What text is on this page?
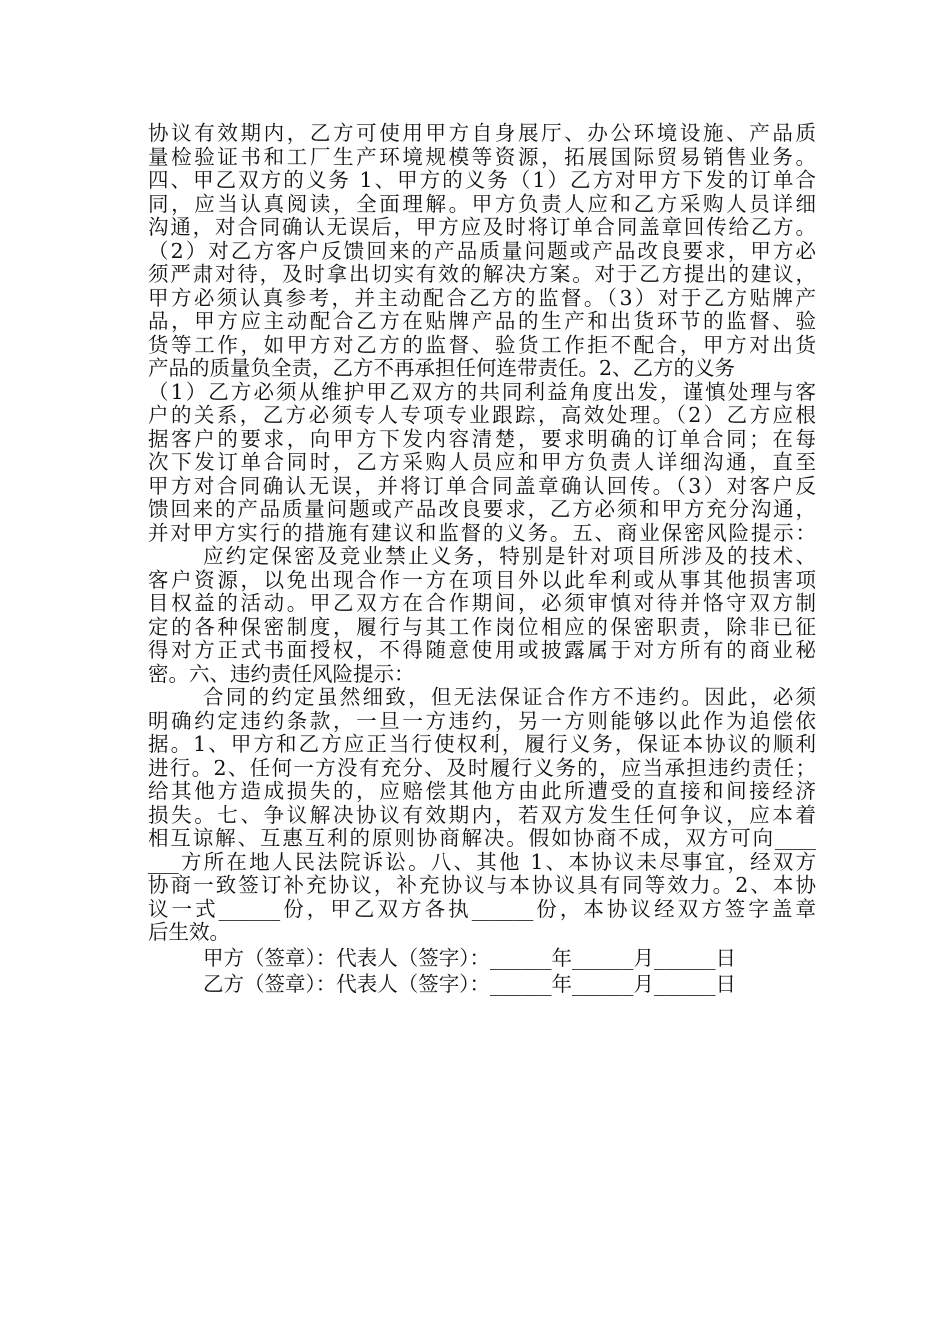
协议有效期内，乙方可使用甲方自身展厅、办公环境设施、产品质
量检验证书和工厂生产环境规模等资源，拓展国际贸易销售业务。
四、甲乙双方的义务 1、甲方的义务（1）乙方对甲方下发的订单合
同，应当认真阅读，全面理解。甲方负责人应和乙方采购人员详细
沟通，对合同确认无误后，甲方应及时将订单合同盖章回传给乙方。
（2）对乙方客户反馈回来的产品质量问题或产品改良要求，甲方必
须严肃对待，及时拿出切实有效的解决方案。对于乙方提出的建议，
甲方必须认真参考，并主动配合乙方的监督。（3）对于乙方贴牌产
品，甲方应主动配合乙方在贴牌产品的生产和出货环节的监督、验
货等工作，如甲方对乙方的监督、验货工作拒不配合，甲方对出货
产品的质量负全责，乙方不再承担任何连带责任。2、乙方的义务
（1）乙方必须从维护甲乙双方的共同利益角度出发，谨慎处理与客
户的关系，乙方必须专人专项专业跟踪，高效处理。（2）乙方应根
据客户的要求，向甲方下发内容清楚，要求明确的订单合同；在每
次下发订单合同时，乙方采购人员应和甲方负责人详细沟通，直至
甲方对合同确认无误，并将订单合同盖章确认回传。（3）对客户反
馈回来的产品质量问题或产品改良要求，乙方必须和甲方充分沟通，
并对甲方实行的措施有建议和监督的义务。五、商业保密风险提示：
应约定保密及竞业禁止义务，特别是针对项目所涉及的技术、
客户资源，以免出现合作一方在项目外以此牟利或从事其他损害项
目权益的活动。甲乙双方在合作期间，必须审慎对待并恪守双方制
定的各种保密制度，履行与其工作岗位相应的保密职责，除非已征
得对方正式书面授权，不得随意使用或披露属于对方所有的商业秘
密。六、违约责任风险提示：
合同的约定虽然细致，但无法保证合作方不违约。因此，必须
明确约定违约条款，一旦一方违约，另一方则能够以此作为追偿依
据。1、甲方和乙方应正当行使权利，履行义务，保证本协议的顺利
进行。2、任何一方没有充分、及时履行义务的，应当承担违约责任；
给其他方造成损失的，应赔偿其他方由此所遭受的直接和间接经济
损失。七、争议解决协议有效期内，若双方发生任何争议，应本着
相互谅解、互惠互利的原则协商解决。假如协商不成，双方可向____
___方所在地人民法院诉讼。八、其他 1、本协议未尽事宜，经双方
协商一致签订补充协议，补充协议与本协议具有同等效力。2、本协
议一式______份，甲乙双方各执______份，本协议经双方签字盖章
后生效。
甲方（签章）：代表人（签字）：______年______月______日
乙方（签章）：代表人（签字）：______年______月______日
